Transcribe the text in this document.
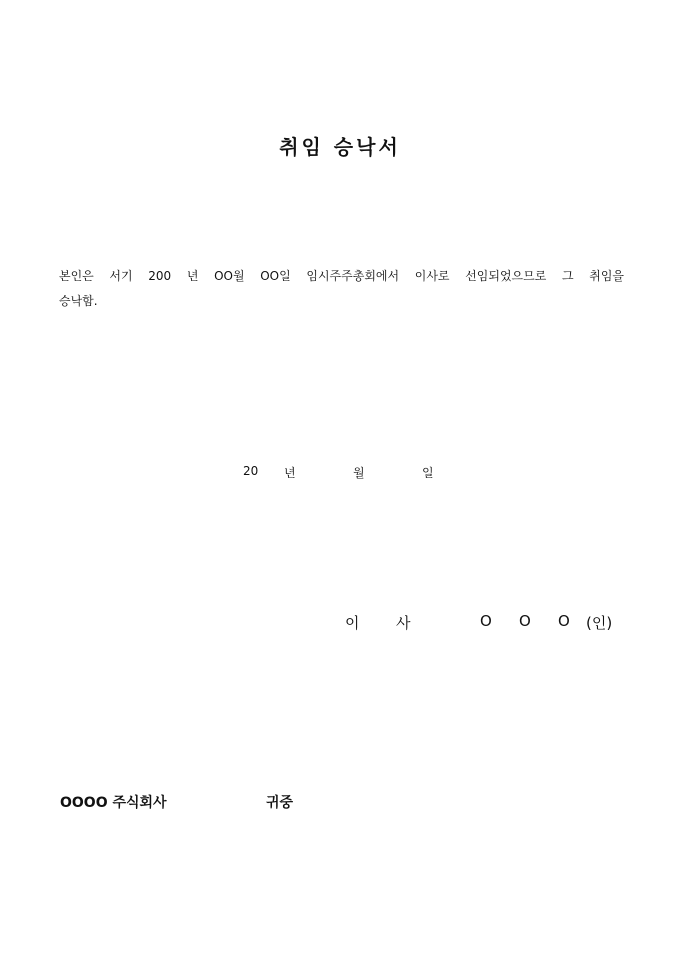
취임 승낙서
본인은 서기 200 년 OO월 OO일 임시주주총회에서 이사로 선임되었으므로 그 취임을
승낙함.
20 년	월	일
이 사	O O O (인)
OOOO 주식회사	귀중
